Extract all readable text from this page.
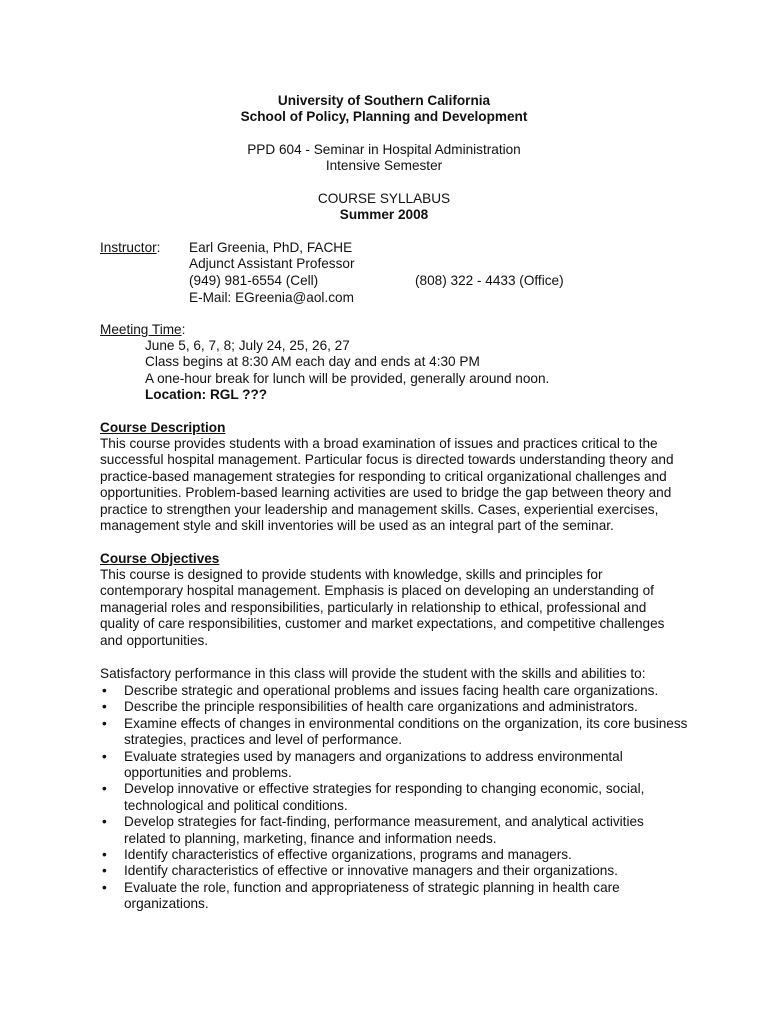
University of Southern California
School of Policy, Planning and Development
PPD 604 - Seminar in Hospital Administration
Intensive Semester
COURSE SYLLABUS
Summer 2008
Instructor: Earl Greenia, PhD, FACHE
Adjunct Assistant Professor
(949) 981-6554 (Cell)	(808) 322 - 4433 (Office)
E-Mail: EGreenia@aol.com
Meeting Time:
June 5, 6, 7, 8; July 24, 25, 26, 27
Class begins at 8:30 AM each day and ends at 4:30 PM
A one-hour break for lunch will be provided, generally around noon.
Location: RGL ???
Course Description
This course provides students with a broad examination of issues and practices critical to the
successful hospital management. Particular focus is directed towards understanding theory and
practice-based management strategies for responding to critical organizational challenges and
opportunities. Problem-based learning activities are used to bridge the gap between theory and
practice to strengthen your leadership and management skills. Cases, experiential exercises,
management style and skill inventories will be used as an integral part of the seminar.
Course Objectives
This course is designed to provide students with knowledge, skills and principles for
contemporary hospital management. Emphasis is placed on developing an understanding of
managerial roles and responsibilities, particularly in relationship to ethical, professional and
quality of care responsibilities, customer and market expectations, and competitive challenges
and opportunities.
Satisfactory performance in this class will provide the student with the skills and abilities to:
•	Describe strategic and operational problems and issues facing health care organizations.
•	Describe the principle responsibilities of health care organizations and administrators.
•	Examine effects of changes in environmental conditions on the organization, its core business
strategies, practices and level of performance.
•	Evaluate strategies used by managers and organizations to address environmental
opportunities and problems.
•	Develop innovative or effective strategies for responding to changing economic, social,
technological and political conditions.
•	Develop strategies for fact-finding, performance measurement, and analytical activities
related to planning, marketing, finance and information needs.
•	Identify characteristics of effective organizations, programs and managers.
•	Identify characteristics of effective or innovative managers and their organizations.
•	Evaluate the role, function and appropriateness of strategic planning in health care
organizations.
